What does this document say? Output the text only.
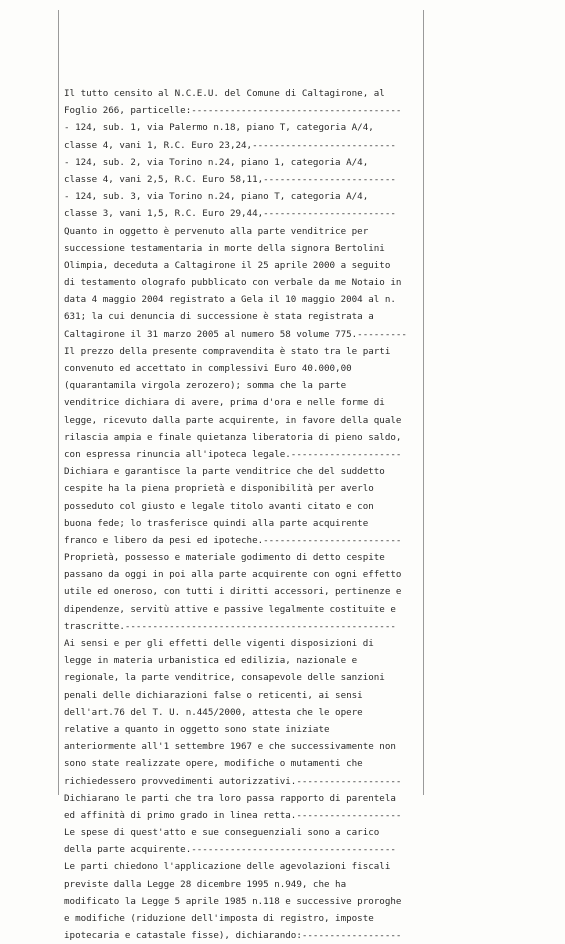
Il tutto censito al N.C.E.U. del Comune di Caltagirone, al
Foglio 266, particelle:--------------------------------------
- 124, sub. 1, via Palermo n.18, piano T, categoria A/4,
classe 4, vani 1, R.C. Euro 23,24,--------------------------
- 124, sub. 2, via Torino n.24, piano 1, categoria A/4,
classe 4, vani 2,5, R.C. Euro 58,11,------------------------
- 124, sub. 3, via Torino n.24, piano T, categoria A/4,
classe 3, vani 1,5, R.C. Euro 29,44,------------------------
Quanto in oggetto è pervenuto alla parte venditrice per
successione testamentaria in morte della signora Bertolini
Olimpia, deceduta a Caltagirone il 25 aprile 2000 a seguito
di testamento olografo pubblicato con verbale da me Notaio in
data 4 maggio 2004 registrato a Gela il 10 maggio 2004 al n.
631; la cui denuncia di successione è stata registrata a
Caltagirone il 31 marzo 2005 al numero 58 volume 775.---------
Il prezzo della presente compravendita è stato tra le parti
convenuto ed accettato in complessivi Euro 40.000,00
(quarantamila virgola zerozero); somma che la parte
venditrice dichiara di avere, prima d'ora e nelle forme di
legge, ricevuto dalla parte acquirente, in favore della quale
rilascia ampia e finale quietanza liberatoria di pieno saldo,
con espressa rinuncia all'ipoteca legale.--------------------
Dichiara e garantisce la parte venditrice che del suddetto
cespite ha la piena proprietà e disponibilità per averlo
posseduto col giusto e legale titolo avanti citato e con
buona fede; lo trasferisce quindi alla parte acquirente
franco e libero da pesi ed ipoteche.-------------------------
Proprietà, possesso e materiale godimento di detto cespite
passano da oggi in poi alla parte acquirente con ogni effetto
utile ed oneroso, con tutti i diritti accessori, pertinenze e
dipendenze, servitù attive e passive legalmente costituite e
trascritte.-------------------------------------------------
Ai sensi e per gli effetti delle vigenti disposizioni di
legge in materia urbanistica ed edilizia, nazionale e
regionale, la parte venditrice, consapevole delle sanzioni
penali delle dichiarazioni false o reticenti, ai sensi
dell'art.76 del T. U. n.445/2000, attesta che le opere
relative a quanto in oggetto sono state iniziate
anteriormente all'1 settembre 1967 e che successivamente non
sono state realizzate opere, modifiche o mutamenti che
richiedessero provvedimenti autorizzativi.-------------------
Dichiarano le parti che tra loro passa rapporto di parentela
ed affinità di primo grado in linea retta.-------------------
Le spese di quest'atto e sue conseguenziali sono a carico
della parte acquirente.-------------------------------------
Le parti chiedono l'applicazione delle agevolazioni fiscali
previste dalla Legge 28 dicembre 1995 n.949, che ha
modificato la Legge 5 aprile 1985 n.118 e successive proroghe
e modifiche (riduzione dell'imposta di registro, imposte
ipotecaria e catastale fisse), dichiarando:------------------
